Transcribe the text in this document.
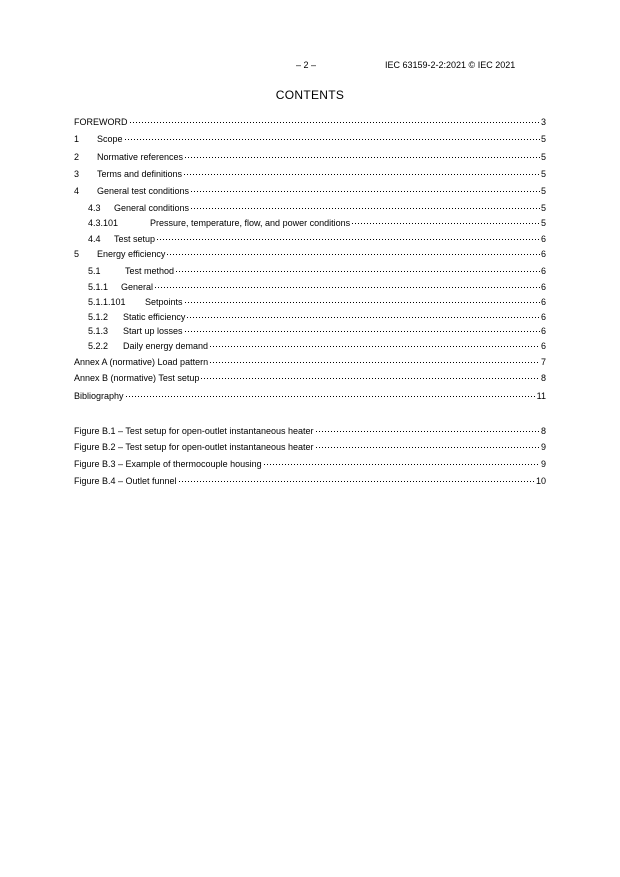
– 2 –	IEC 63159-2-2:2021 © IEC 2021
CONTENTS
FOREWORD	3
1	Scope	5
2	Normative references	5
3	Terms and definitions	5
4	General test conditions	5
4.3	General conditions	5
4.3.101	Pressure, temperature, flow, and power conditions	5
4.4	Test setup	6
5	Energy efficiency	6
5.1	Test method	6
5.1.1	General	6
5.1.1.101	Setpoints	6
5.1.2	Static efficiency	6
5.1.3	Start up losses	6
5.2.2	Daily energy demand	6
Annex A (normative) Load pattern	7
Annex B (normative) Test setup	8
Bibliography	11
Figure B.1 – Test setup for open-outlet instantaneous heater	8
Figure B.2 – Test setup for open-outlet instantaneous heater	9
Figure B.3 – Example of thermocouple housing	9
Figure B.4 – Outlet funnel	10
